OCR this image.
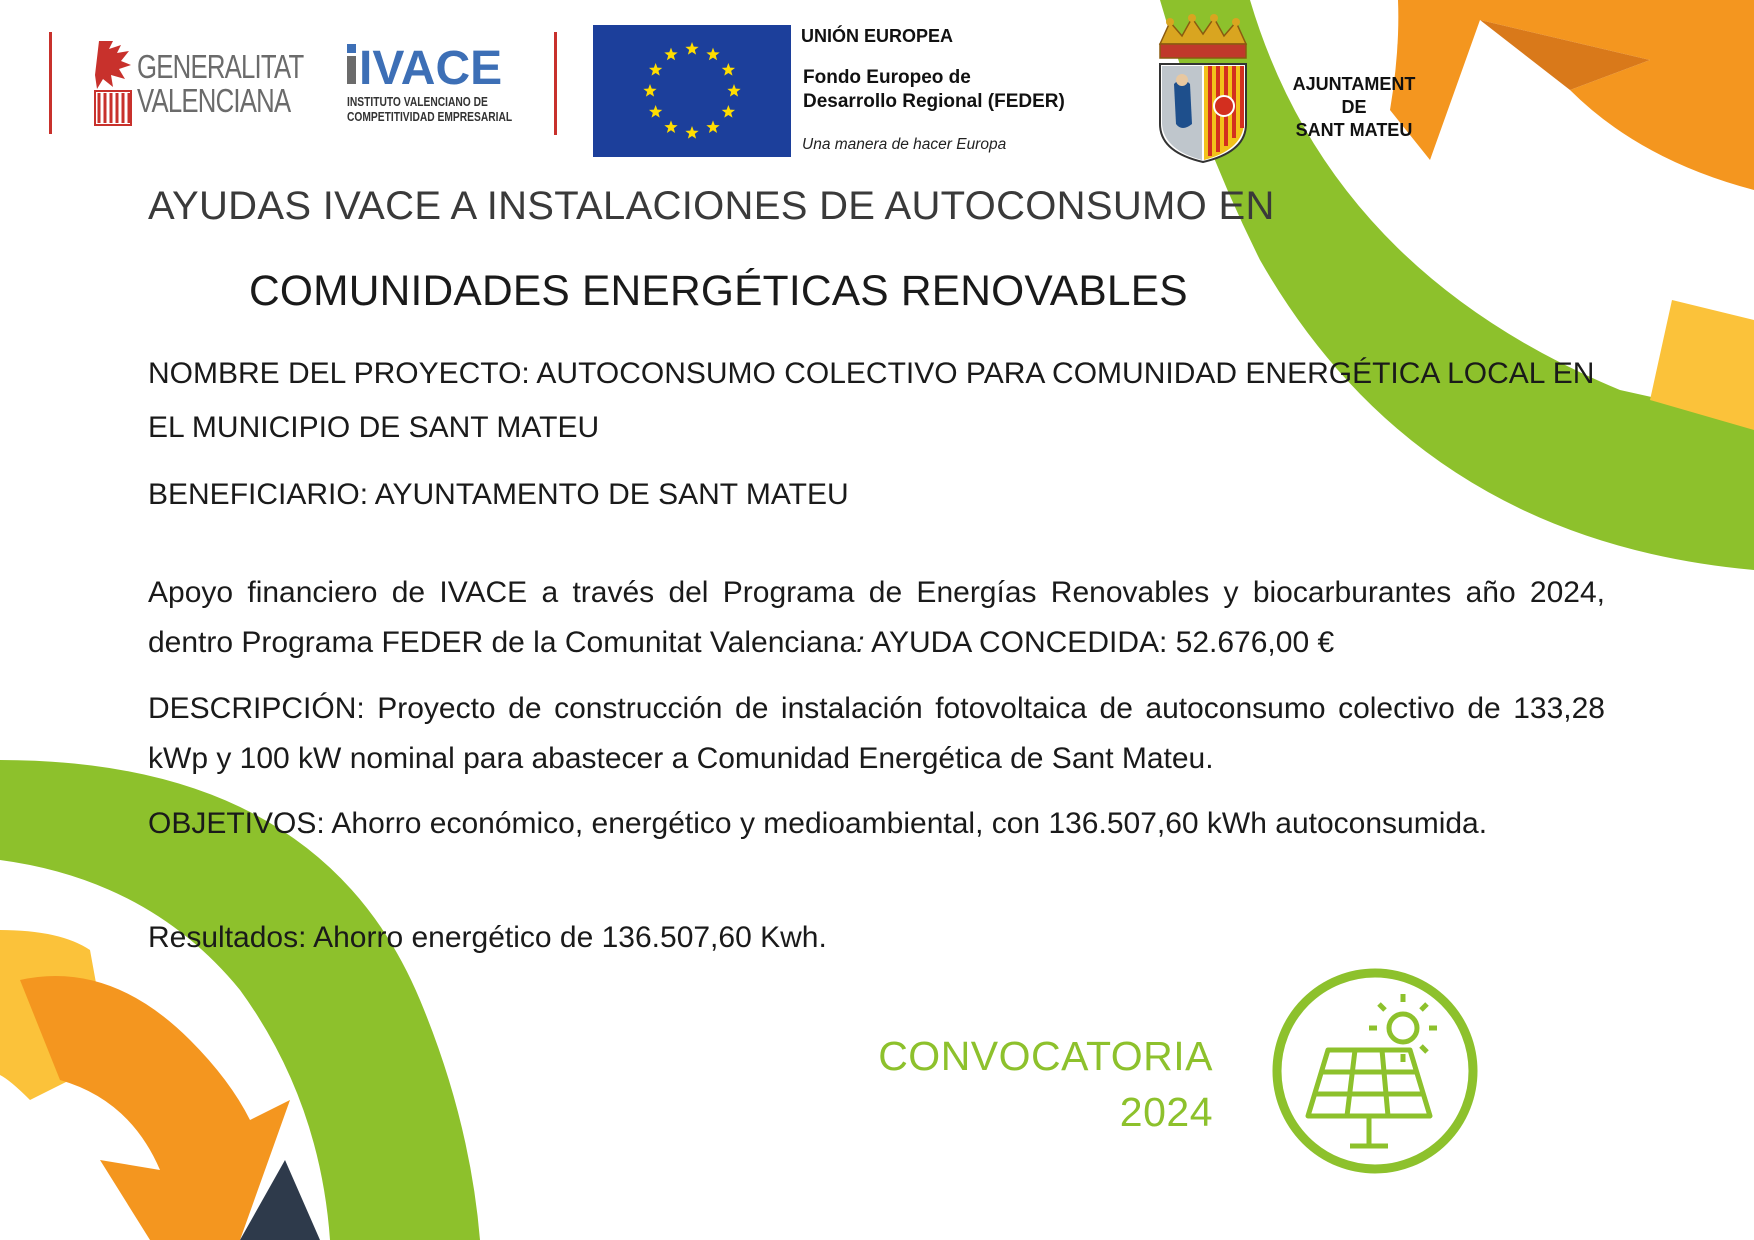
GENERALITAT
VALENCIANA
IVACE
INSTITUTO VALENCIANO DE
COMPETITIVIDAD EMPRESARIAL
UNIÓN EUROPEA
Fondo Europeo de
Desarrollo Regional (FEDER)
Una manera de hacer Europa
AJUNTAMENT
DE
SANT MATEU
AYUDAS IVACE A INSTALACIONES DE AUTOCONSUMO EN
COMUNIDADES ENERGÉTICAS RENOVABLES
NOMBRE DEL PROYECTO: AUTOCONSUMO COLECTIVO PARA COMUNIDAD ENERGÉTICA LOCAL EN EL MUNICIPIO DE SANT MATEU
BENEFICIARIO: AYUNTAMENTO DE SANT MATEU
Apoyo financiero de IVACE a través del Programa de Energías Renovables y biocarburantes año 2024, dentro Programa FEDER de la Comunitat Valenciana: AYUDA CONCEDIDA: 52.676,00 €
DESCRIPCIÓN: Proyecto de construcción de instalación fotovoltaica de autoconsumo colectivo de 133,28 kWp y 100 kW nominal para abastecer a Comunidad Energética de Sant Mateu.
OBJETIVOS: Ahorro económico, energético y medioambiental, con 136.507,60 kWh autoconsumida.
Resultados: Ahorro energético de 136.507,60 Kwh.
CONVOCATORIA
2024
